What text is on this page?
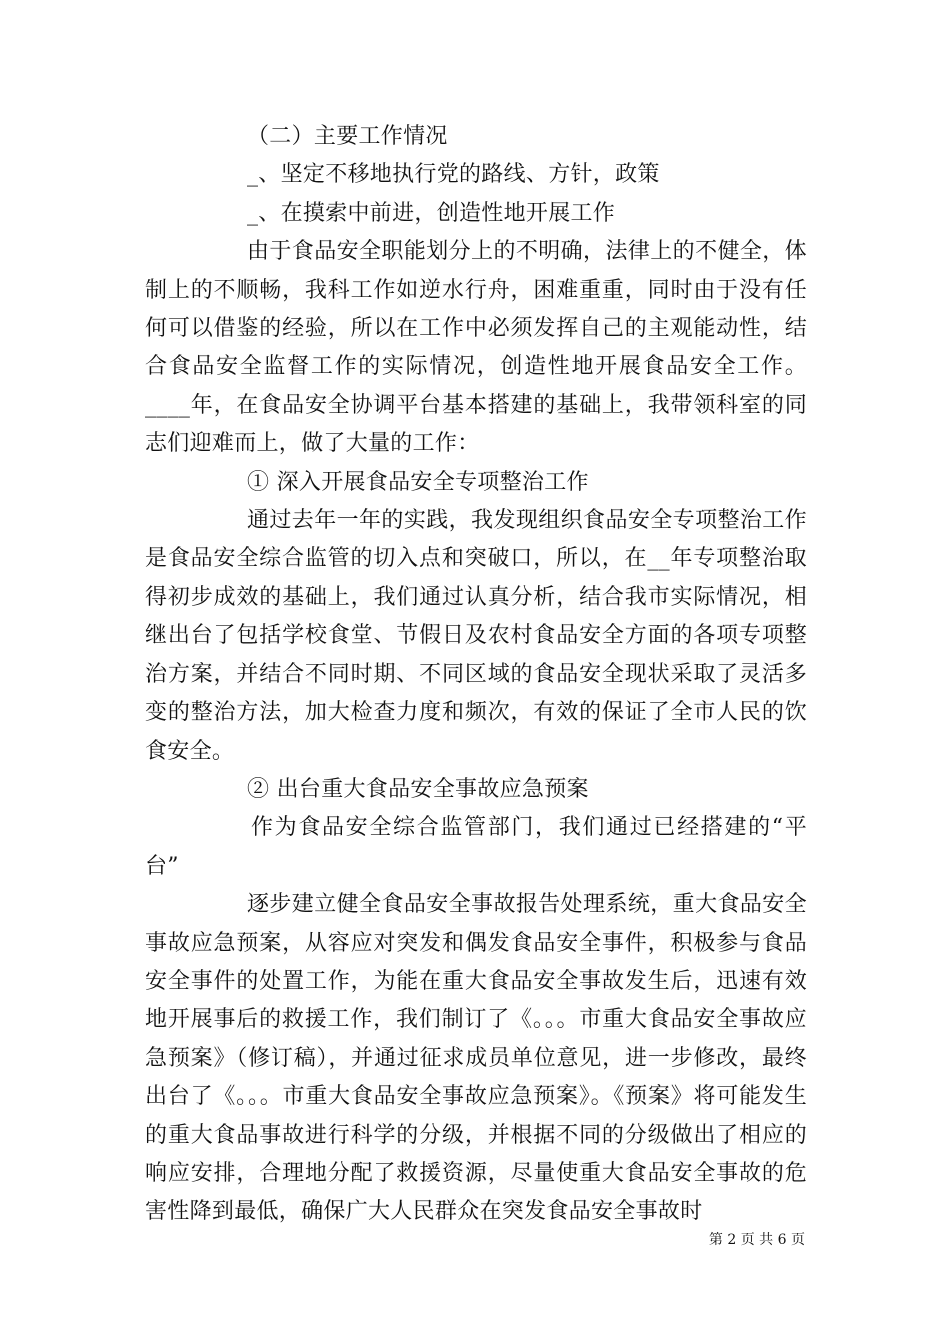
（二）主要工作情况

_、坚定不移地执行党的路线、方针，政策

_、在摸索中前进，创造性地开展工作

由于食品安全职能划分上的不明确，法律上的不健全，体制上的不顺畅，我科工作如逆水行舟，困难重重，同时由于没有任何可以借鉴的经验，所以在工作中必须发挥自己的主观能动性，结合食品安全监督工作的实际情况，创造性地开展食品安全工作。____年，在食品安全协调平台基本搭建的基础上，我带领科室的同志们迎难而上，做了大量的工作：

① 深入开展食品安全专项整治工作

通过去年一年的实践，我发现组织食品安全专项整治工作是食品安全综合监管的切入点和突破口，所以，在__年专项整治取得初步成效的基础上，我们通过认真分析，结合我市实际情况，相继出台了包括学校食堂、节假日及农村食品安全方面的各项专项整治方案，并结合不同时期、不同区域的食品安全现状采取了灵活多变的整治方法，加大检查力度和频次，有效的保证了全市人民的饮食安全。

② 出台重大食品安全事故应急预案

作为食品安全综合监管部门，我们通过已经搭建的“平台”

逐步建立健全食品安全事故报告处理系统，重大食品安全事故应急预案，从容应对突发和偶发食品安全事件，积极参与食品安全事件的处置工作，为能在重大食品安全事故发生后，迅速有效地开展事后的救援工作，我们制订了《。。。市重大食品安全事故应急预案》（修订稿），并通过征求成员单位意见，进一步修改，最终出台了《。。。市重大食品安全事故应急预案》。《预案》将可能发生的重大食品事故进行科学的分级，并根据不同的分级做出了相应的响应安排，合理地分配了救援资源，尽量使重大食品安全事故的危害性降到最低，确保广大人民群众在突发食品安全事故时

第 2 页 共 6 页
